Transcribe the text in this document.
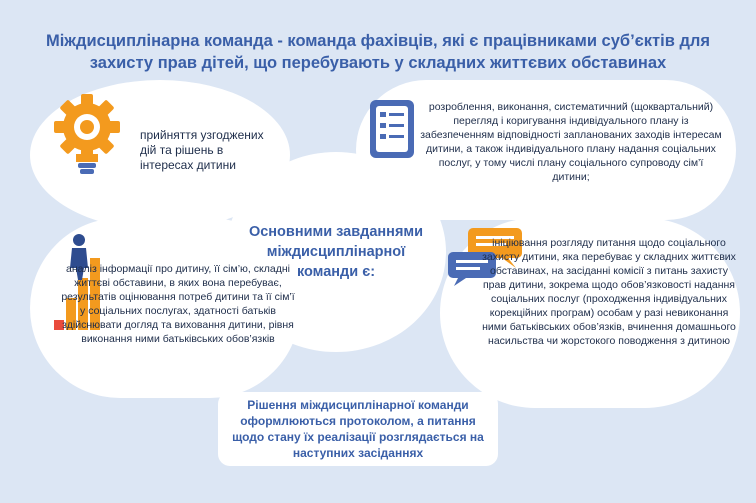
Міждисциплінарна команда - команда фахівців, які є працівниками суб’єктів для захисту прав дітей, що перебувають у складних життєвих обставинах

прийняття узгоджених дій та рішень в інтересах дитини

розроблення, виконання, систематичний (щоквартальний) перегляд і коригування індивідуального плану із забезпеченням відповідності запланованих заходів інтересам дитини, а також індивідуального плану надання соціальних послуг, у тому числі плану соціального супроводу сім’ї дитини;

Основними завданнями міждисциплінарної команди є:

аналіз інформації про дитину, її сім’ю, складні життєві обставини, в яких вона перебуває, результатів оцінювання потреб дитини та її сім’ї у соціальних послугах, здатності батьків здійснювати догляд та виховання дитини, рівня виконання ними батьківських обов’язків

ініціювання розгляду питання щодо соціального захисту дитини, яка перебуває у складних життєвих обставинах, на засіданні комісії з питань захисту прав дитини, зокрема щодо обов’язковості надання соціальних послуг (проходження індивідуальних корекційних програм) особам у разі невиконання ними батьківських обов’язків, вчинення домашнього насильства чи жорстокого поводження з дитиною

Рішення міждисциплінарної команди оформлюються протоколом, а питання щодо стану їх реалізації розглядається на наступних засіданнях
